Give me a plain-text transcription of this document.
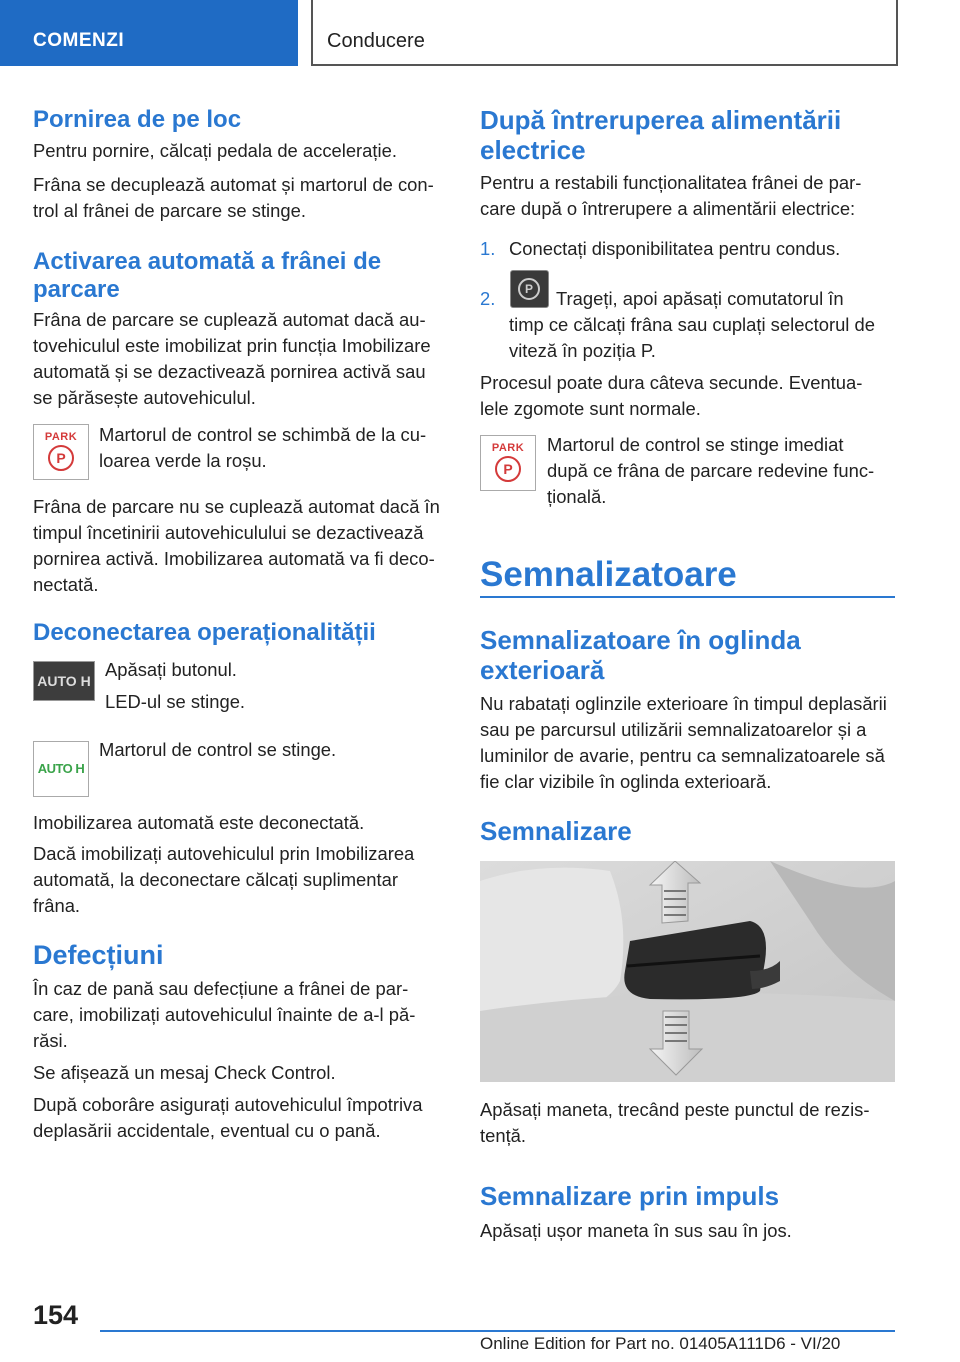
COMENZI	Conducere
Pornirea de pe loc
Pentru pornire, călcați pedala de accelerație.
Frâna se decuplează automat și martorul de con‐
trol al frânei de parcare se stinge.
Activarea automată a frânei de
parcare
Frâna de parcare se cuplează automat dacă au‐
tovehiculul este imobilizat prin funcția Imobilizare
automată și se dezactivează pornirea activă sau
se părăsește autovehiculul.
PARK
P
Martorul de control se schimbă de la cu‐
loarea verde la roșu.
Frâna de parcare nu se cuplează automat dacă în
timpul încetinirii autovehiculului se dezactivează
pornirea activă. Imobilizarea automată va fi deco‐
nectată.
Deconectarea operaționalității
AUTO H
Apăsați butonul.
LED-ul se stinge.
AUTO H
Martorul de control se stinge.
Imobilizarea automată este deconectată.
Dacă imobilizați autovehiculul prin Imobilizarea
automată, la deconectare călcați suplimentar
frâna.
Defecțiuni
În caz de pană sau defecțiune a frânei de par‐
care, imobilizați autovehiculul înainte de a-l pă‐
răsi.
Se afișează un mesaj Check Control.
După coborâre asigurați autovehiculul împotriva
deplasării accidentale, eventual cu o pană.
După întreruperea alimentării
electrice
Pentru a restabili funcționalitatea frânei de par‐
care după o întrerupere a alimentării electrice:
1. Conectați disponibilitatea pentru condus.
2.	P	Trageți, apoi apăsați comutatorul în
timp ce călcați frâna sau cuplați selectorul de
viteză în poziția P.
Procesul poate dura câteva secunde. Eventua‐
lele zgomote sunt normale.
PARK
P
Martorul de control se stinge imediat
după ce frâna de parcare redevine func‐
țională.
Semnalizatoare
Semnalizatoare în oglinda
exterioară
Nu rabatați oglinzile exterioare în timpul deplasării
sau pe parcursul utilizării semnalizatoarelor și a
luminilor de avarie, pentru ca semnalizatoarele să
fie clar vizibile în oglinda exterioară.
Semnalizare
Apăsați maneta, trecând peste punctul de rezis‐
tență.
Semnalizare prin impuls
Apăsați ușor maneta în sus sau în jos.
154
Online Edition for Part no. 01405A111D6 - VI/20
